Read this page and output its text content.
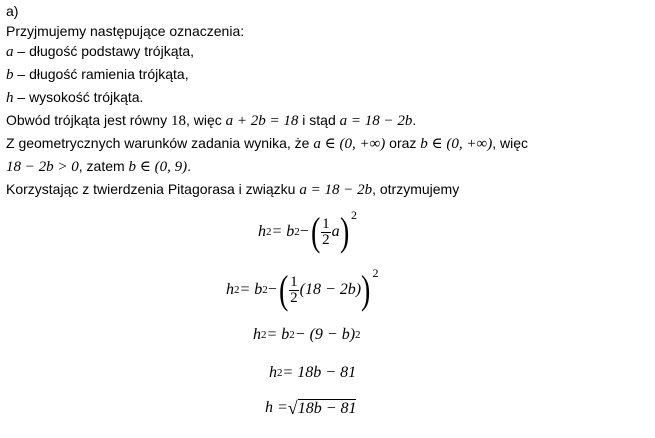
a)
Przyjmujemy następujące oznaczenia:
a – długość podstawy trójkąta,
b – długość ramienia trójkąta,
h – wysokość trójkąta.
Obwód trójkąta jest równy 18, więc a + 2b = 18 i stąd a = 18 − 2b.
Z geometrycznych warunków zadania wynika, że a ∈ (0, +∞) oraz b ∈ (0, +∞), więc
18 − 2b > 0, zatem b ∈ (0, 9).
Korzystając z twierdzenia Pitagorasa i związku a = 18 − 2b, otrzymujemy
h 2 = b 2 − ( $\frac{1}{2}$ a ) 2
h 2 = b 2 − ( $\frac{1}{2} (18 - 2b)$ ) 2
h 2 = b 2 − (9 − b) 2
h 2 = 18b − 81
h = √ 18b − 81
